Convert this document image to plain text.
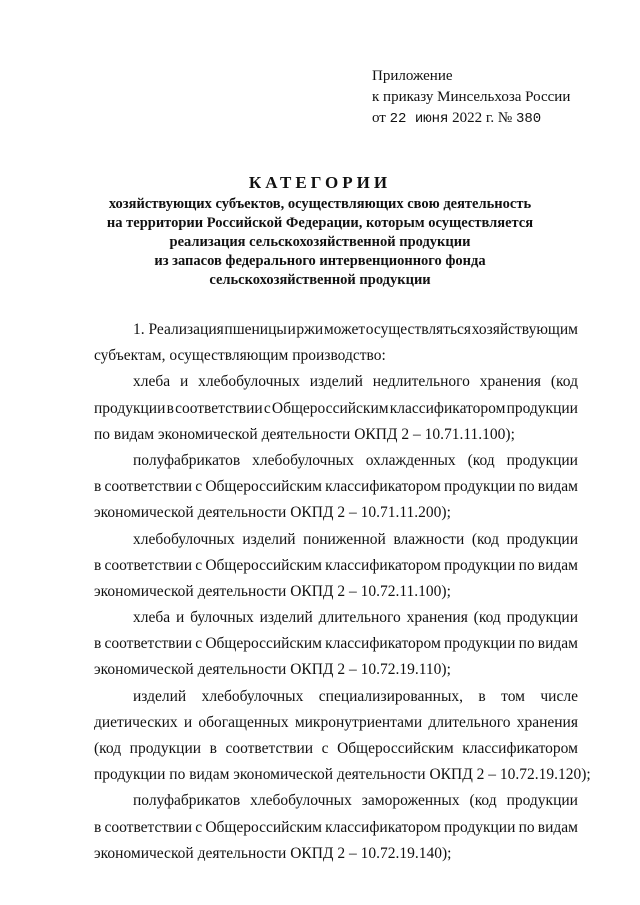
Приложение
к приказу Минсельхоза России
от 22 июня 2022 г. № 380
КАТЕГОРИИ
хозяйствующих субъектов, осуществляющих свою деятельность
на территории Российской Федерации, которым осуществляется
реализация сельскохозяйственной продукции
из запасов федерального интервенционного фонда
сельскохозяйственной продукции
1. Реализация пшеницы и ржи может осуществляться хозяйствующим
субъектам, осуществляющим производство:
хлеба и хлебобулочных изделий недлительного хранения (код
продукции в соответствии с Общероссийским классификатором продукции
по видам экономической деятельности ОКПД 2 – 10.71.11.100);
полуфабрикатов хлебобулочных охлажденных (код продукции
в соответствии с Общероссийским классификатором продукции по видам
экономической деятельности ОКПД 2 – 10.71.11.200);
хлебобулочных изделий пониженной влажности (код продукции
в соответствии с Общероссийским классификатором продукции по видам
экономической деятельности ОКПД 2 – 10.72.11.100);
хлеба и булочных изделий длительного хранения (код продукции
в соответствии с Общероссийским классификатором продукции по видам
экономической деятельности ОКПД 2 – 10.72.19.110);
изделий хлебобулочных специализированных, в том числе
диетических и обогащенных микронутриентами длительного хранения
(код продукции в соответствии с Общероссийским классификатором
продукции по видам экономической деятельности ОКПД 2 – 10.72.19.120);
полуфабрикатов хлебобулочных замороженных (код продукции
в соответствии с Общероссийским классификатором продукции по видам
экономической деятельности ОКПД 2 – 10.72.19.140);
